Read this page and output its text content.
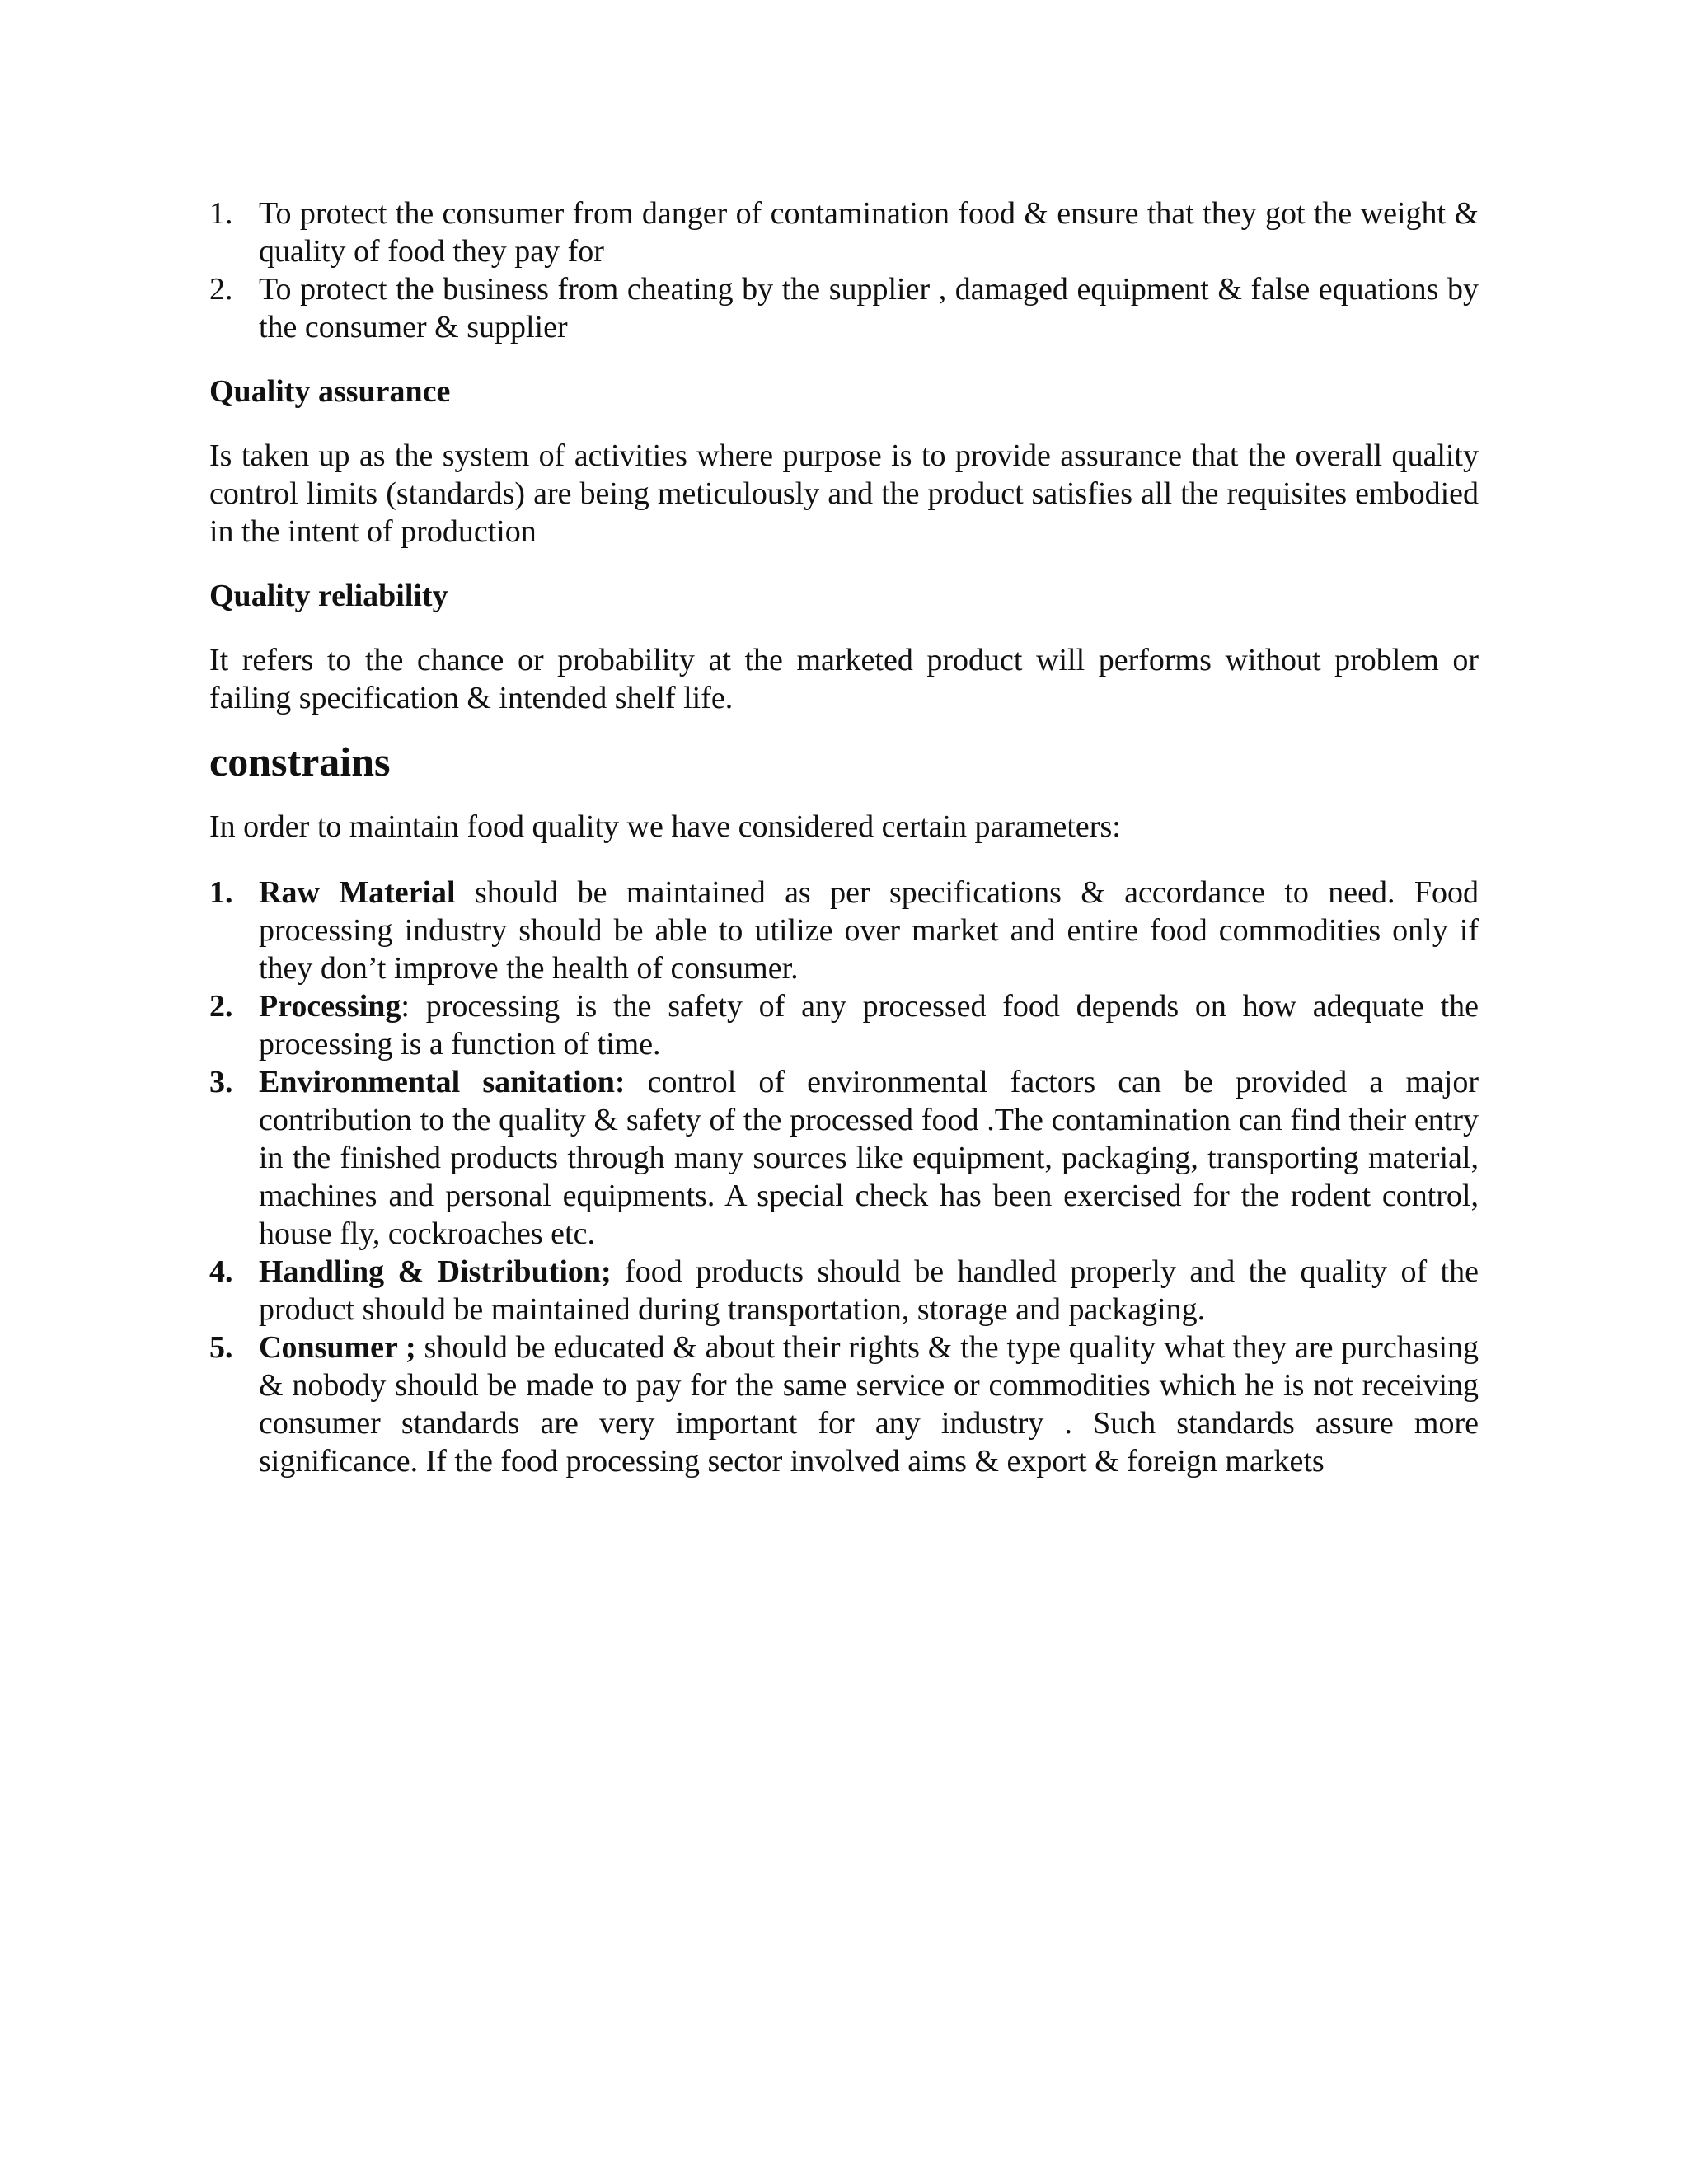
1. To protect the consumer from danger of contamination food & ensure that they got the weight & quality of food they pay for
2. To protect the business from cheating by the supplier , damaged equipment & false equations by the consumer & supplier

Quality assurance

Is taken up as the system of activities where purpose is to provide assurance that the overall quality control limits (standards) are being meticulously and the product satisfies all the requisites embodied in the intent of production

Quality reliability

It refers to the chance or probability at the marketed product will performs without problem or failing specification & intended shelf life.

constrains

In order to maintain food quality we have considered certain parameters:

1. Raw Material should be maintained as per specifications & accordance to need. Food processing industry should be able to utilize over market and entire food commodities only if they don’t improve the health of consumer.
2. Processing: processing is the safety of any processed food depends on how adequate the processing is a function of time.
3. Environmental sanitation: control of environmental factors can be provided a major contribution to the quality & safety of the processed food .The contamination can find their entry in the finished products through many sources like equipment, packaging, transporting material, machines and personal equipments. A special check has been exercised for the rodent control, house fly, cockroaches etc.
4. Handling & Distribution; food products should be handled properly and the quality of the product should be maintained during transportation, storage and packaging.
5. Consumer ; should be educated & about their rights & the type quality what they are purchasing & nobody should be made to pay for the same service or commodities which he is not receiving consumer standards are very important for any industry . Such standards assure more significance. If the food processing sector involved aims & export & foreign markets
